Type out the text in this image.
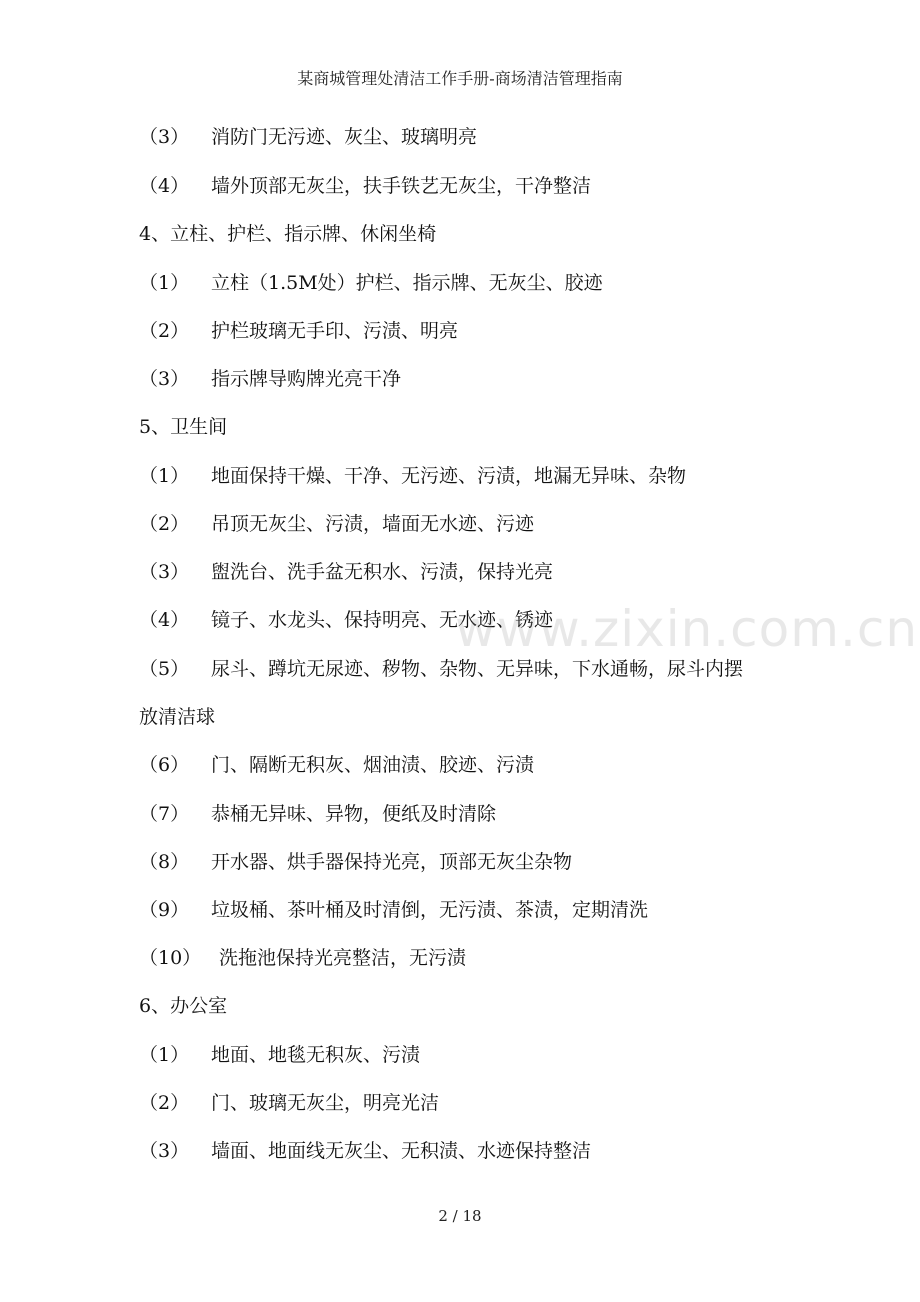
某商城管理处清洁工作手册-商场清洁管理指南
（3） 消防门无污迹、灰尘、玻璃明亮
（4） 墙外顶部无灰尘，扶手铁艺无灰尘，干净整洁
4、立柱、护栏、指示牌、休闲坐椅
（1） 立柱（1.5M处）护栏、指示牌、无灰尘、胶迹
（2） 护栏玻璃无手印、污渍、明亮
（3） 指示牌导购牌光亮干净
5、卫生间
（1） 地面保持干燥、干净、无污迹、污渍，地漏无异味、杂物
（2） 吊顶无灰尘、污渍，墙面无水迹、污迹
（3） 盥洗台、洗手盆无积水、污渍，保持光亮
（4） 镜子、水龙头、保持明亮、无水迹、锈迹
（5） 尿斗、蹲坑无尿迹、秽物、杂物、无异味，下水通畅，尿斗内摆
放清洁球
（6） 门、隔断无积灰、烟油渍、胶迹、污渍
（7） 恭桶无异味、异物，便纸及时清除
（8） 开水器、烘手器保持光亮，顶部无灰尘杂物
（9） 垃圾桶、茶叶桶及时清倒，无污渍、茶渍，定期清洗
（10） 洗拖池保持光亮整洁，无污渍
6、办公室
（1） 地面、地毯无积灰、污渍
（2） 门、玻璃无灰尘，明亮光洁
（3） 墙面、地面线无灰尘、无积渍、水迹保持整洁
www.zixin.com.cn
2 / 18
